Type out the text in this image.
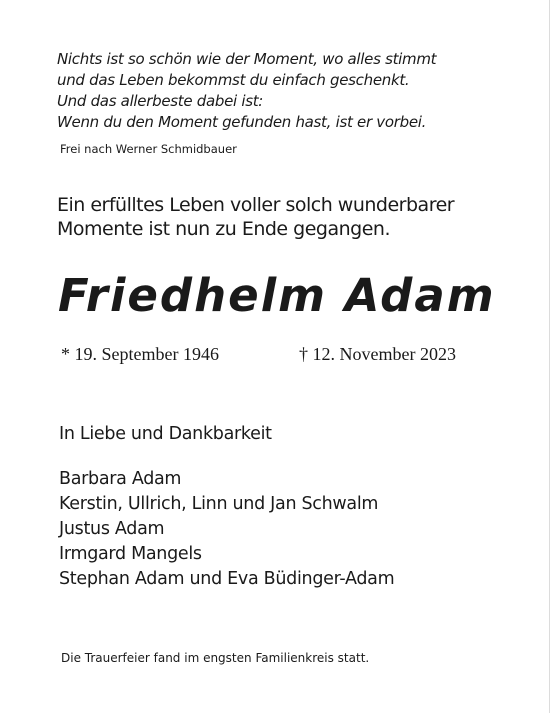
Nichts ist so schön wie der Moment, wo alles stimmt
und das Leben bekommst du einfach geschenkt.
Und das allerbeste dabei ist:
Wenn du den Moment gefunden hast, ist er vorbei.
Frei nach Werner Schmidbauer
Ein erfülltes Leben voller solch wunderbarer
Momente ist nun zu Ende gegangen.
Friedhelm Adam
* 19. September 1946	† 12. November 2023
In Liebe und Dankbarkeit
Barbara Adam
Kerstin, Ullrich, Linn und Jan Schwalm
Justus Adam
Irmgard Mangels
Stephan Adam und Eva Büdinger-Adam
Die Trauerfeier fand im engsten Familienkreis statt.
